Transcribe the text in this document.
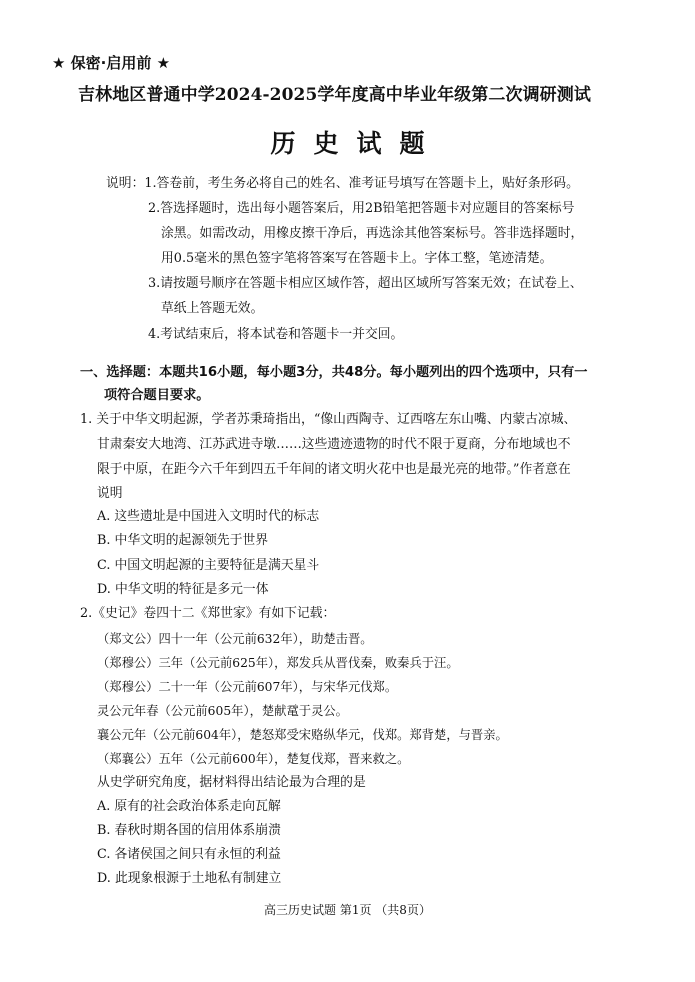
★ 保密·启用前 ★
吉林地区普通中学2024-2025学年度高中毕业年级第二次调研测试
历史试题
说明：1.答卷前，考生务必将自己的姓名、准考证号填写在答题卡上，贴好条形码。
2.答选择题时，选出每小题答案后，用2B铅笔把答题卡对应题目的答案标号
涂黑。如需改动，用橡皮擦干净后，再选涂其他答案标号。答非选择题时，
用0.5毫米的黑色签字笔将答案写在答题卡上。字体工整，笔迹清楚。
3.请按题号顺序在答题卡相应区域作答，超出区域所写答案无效；在试卷上、
草纸上答题无效。
4.考试结束后，将本试卷和答题卡一并交回。
一、选择题：本题共16小题，每小题3分，共48分。每小题列出的四个选项中，只有一
项符合题目要求。
1. 关于中华文明起源，学者苏秉琦指出，“像山西陶寺、辽西喀左东山嘴、内蒙古凉城、
甘肃秦安大地湾、江苏武进寺墩……这些遗迹遗物的时代不限于夏商，分布地域也不
限于中原，在距今六千年到四五千年间的诸文明火花中也是最光亮的地带。”作者意在
说明
A. 这些遗址是中国进入文明时代的标志
B. 中华文明的起源领先于世界
C. 中国文明起源的主要特征是满天星斗
D. 中华文明的特征是多元一体
2.《史记》卷四十二《郑世家》有如下记载：
（郑文公）四十一年（公元前632年），助楚击晋。
（郑穆公）三年（公元前625年），郑发兵从晋伐秦，败秦兵于汪。
（郑穆公）二十一年（公元前607年），与宋华元伐郑。
灵公元年春（公元前605年），楚献鼋于灵公。
襄公元年（公元前604年），楚怒郑受宋赂纵华元，伐郑。郑背楚，与晋亲。
（郑襄公）五年（公元前600年），楚复伐郑，晋来救之。
从史学研究角度，据材料得出结论最为合理的是
A. 原有的社会政治体系走向瓦解
B. 春秋时期各国的信用体系崩溃
C. 各诸侯国之间只有永恒的利益
D. 此现象根源于土地私有制建立
高三历史试题 第1页 （共8页）
